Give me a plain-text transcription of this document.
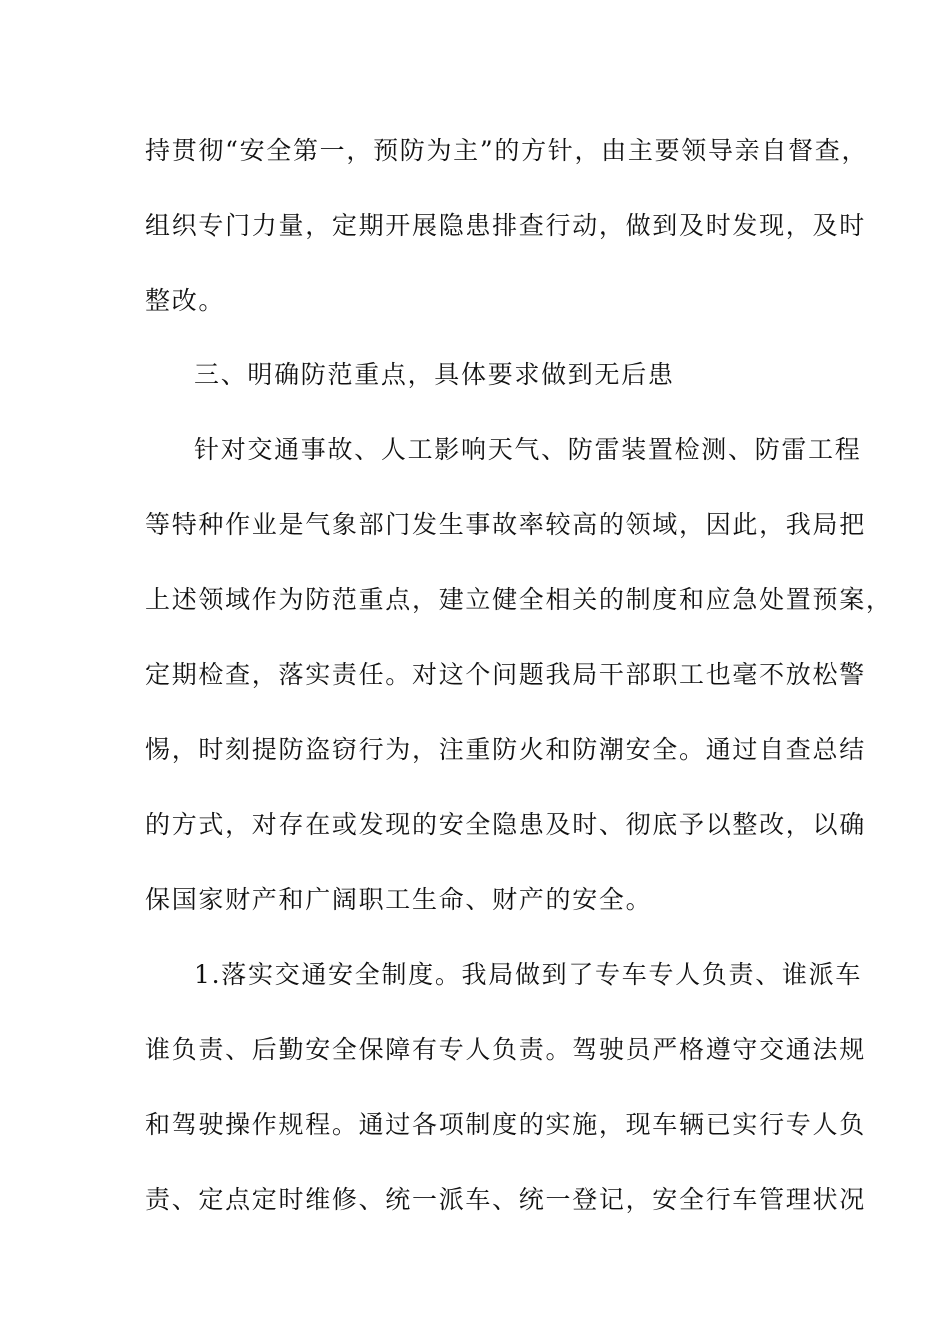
持贯彻“安全第一，预防为主”的方针，由主要领导亲自督查，
组织专门力量，定期开展隐患排查行动，做到及时发现，及时
整改。
三、明确防范重点，具体要求做到无后患
针对交通事故、人工影响天气、防雷装置检测、防雷工程
等特种作业是气象部门发生事故率较高的领域，因此，我局把
上述领域作为防范重点，建立健全相关的制度和应急处置预案，
定期检查，落实责任。对这个问题我局干部职工也毫不放松警
惕，时刻提防盗窃行为，注重防火和防潮安全。通过自查总结
的方式，对存在或发现的安全隐患及时、彻底予以整改，以确
保国家财产和广阔职工生命、财产的安全。
1.落实交通安全制度。我局做到了专车专人负责、谁派车
谁负责、后勤安全保障有专人负责。驾驶员严格遵守交通法规
和驾驶操作规程。通过各项制度的实施，现车辆已实行专人负
责、定点定时维修、统一派车、统一登记，安全行车管理状况
